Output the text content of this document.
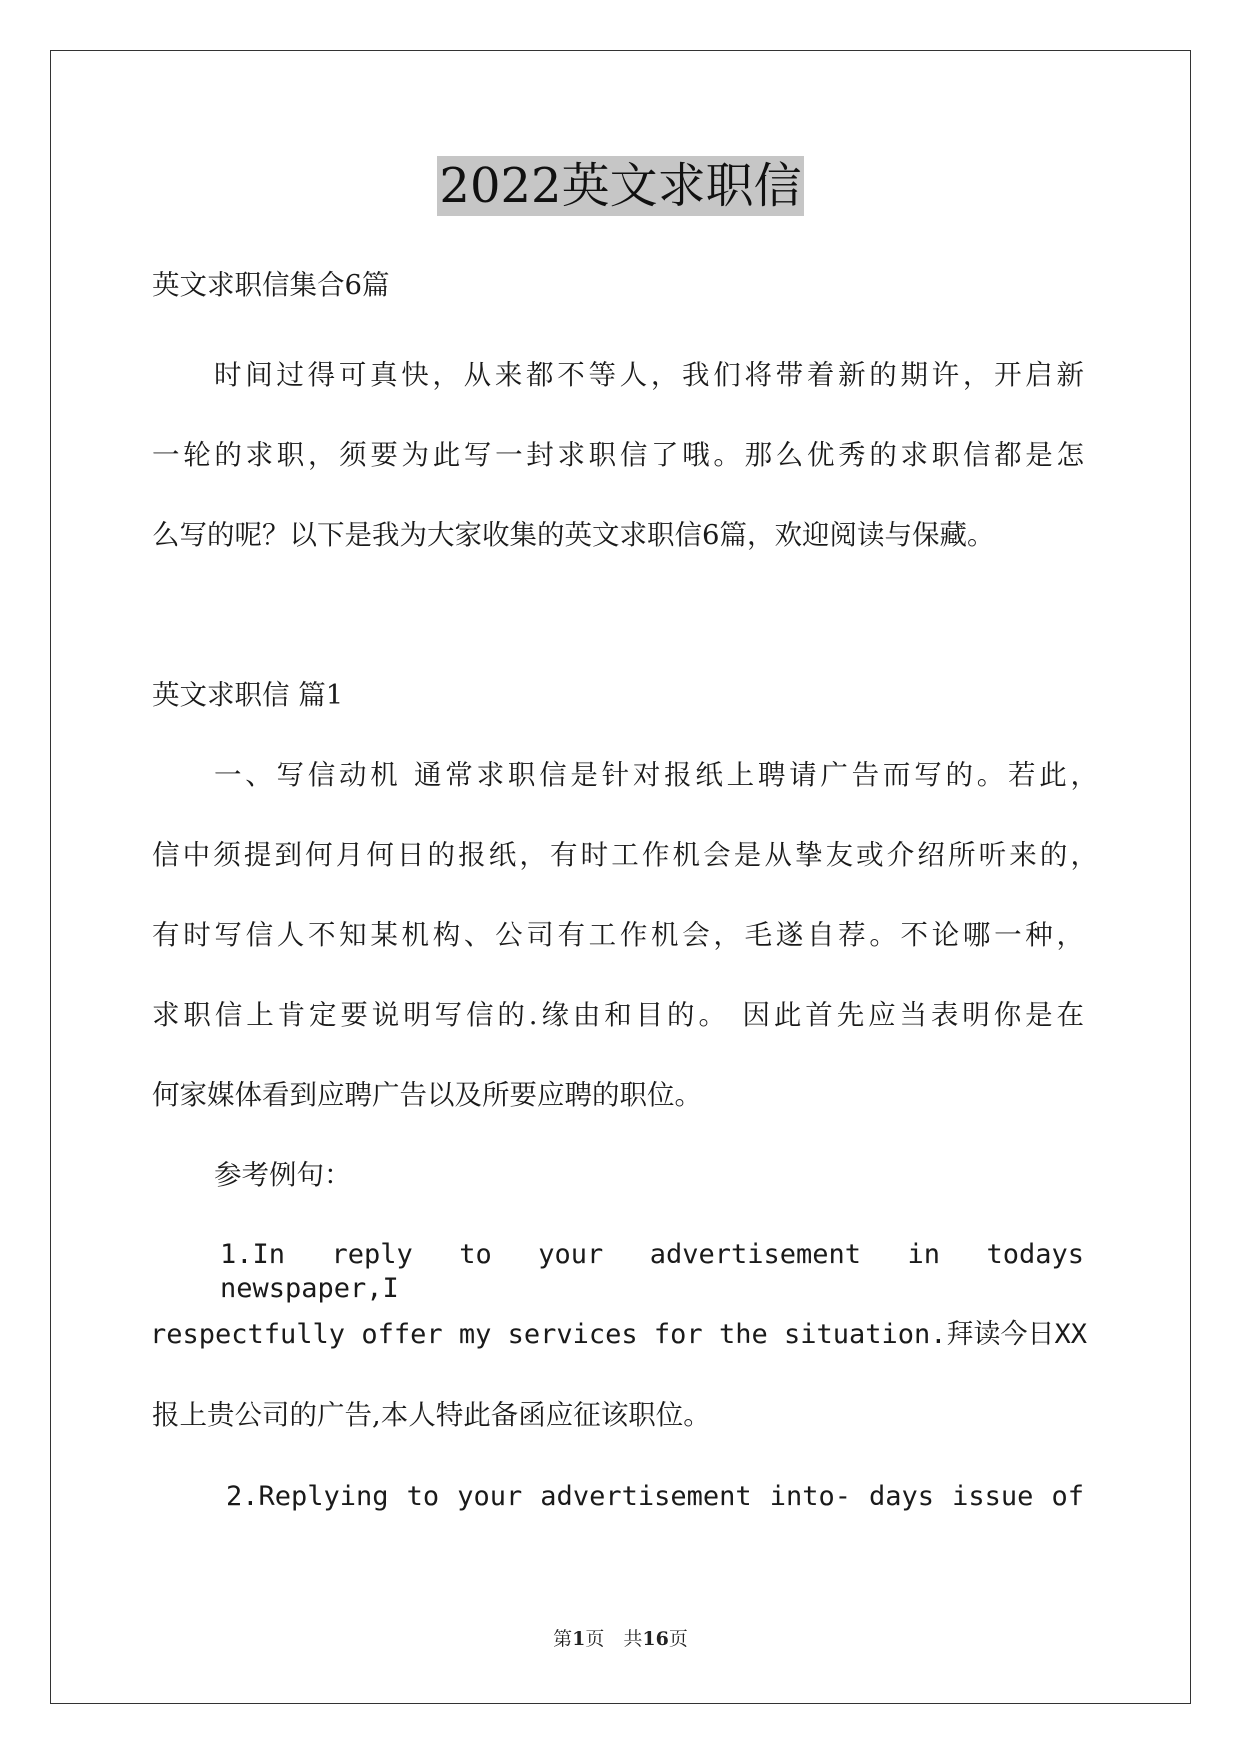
2022英文求职信
英文求职信集合6篇
时间过得可真快，从来都不等人，我们将带着新的期许，开启新
一轮的求职，须要为此写一封求职信了哦。那么优秀的求职信都是怎
么写的呢？以下是我为大家收集的英文求职信6篇，欢迎阅读与保藏。
英文求职信 篇1
一、写信动机 通常求职信是针对报纸上聘请广告而写的。若此，
信中须提到何月何日的报纸，有时工作机会是从挚友或介绍所听来的，
有时写信人不知某机构、公司有工作机会，毛遂自荐。不论哪一种，
求职信上肯定要说明写信的.缘由和目的。 因此首先应当表明你是在
何家媒体看到应聘广告以及所要应聘的职位。
参考例句：
1.In reply to your advertisement in todays newspaper,I
respectfully offer my services for the situation.拜读今日XX
报上贵公司的广告,本人特此备函应征该职位。
2.Replying to your advertisement into- days issue of
第1页　共16页
